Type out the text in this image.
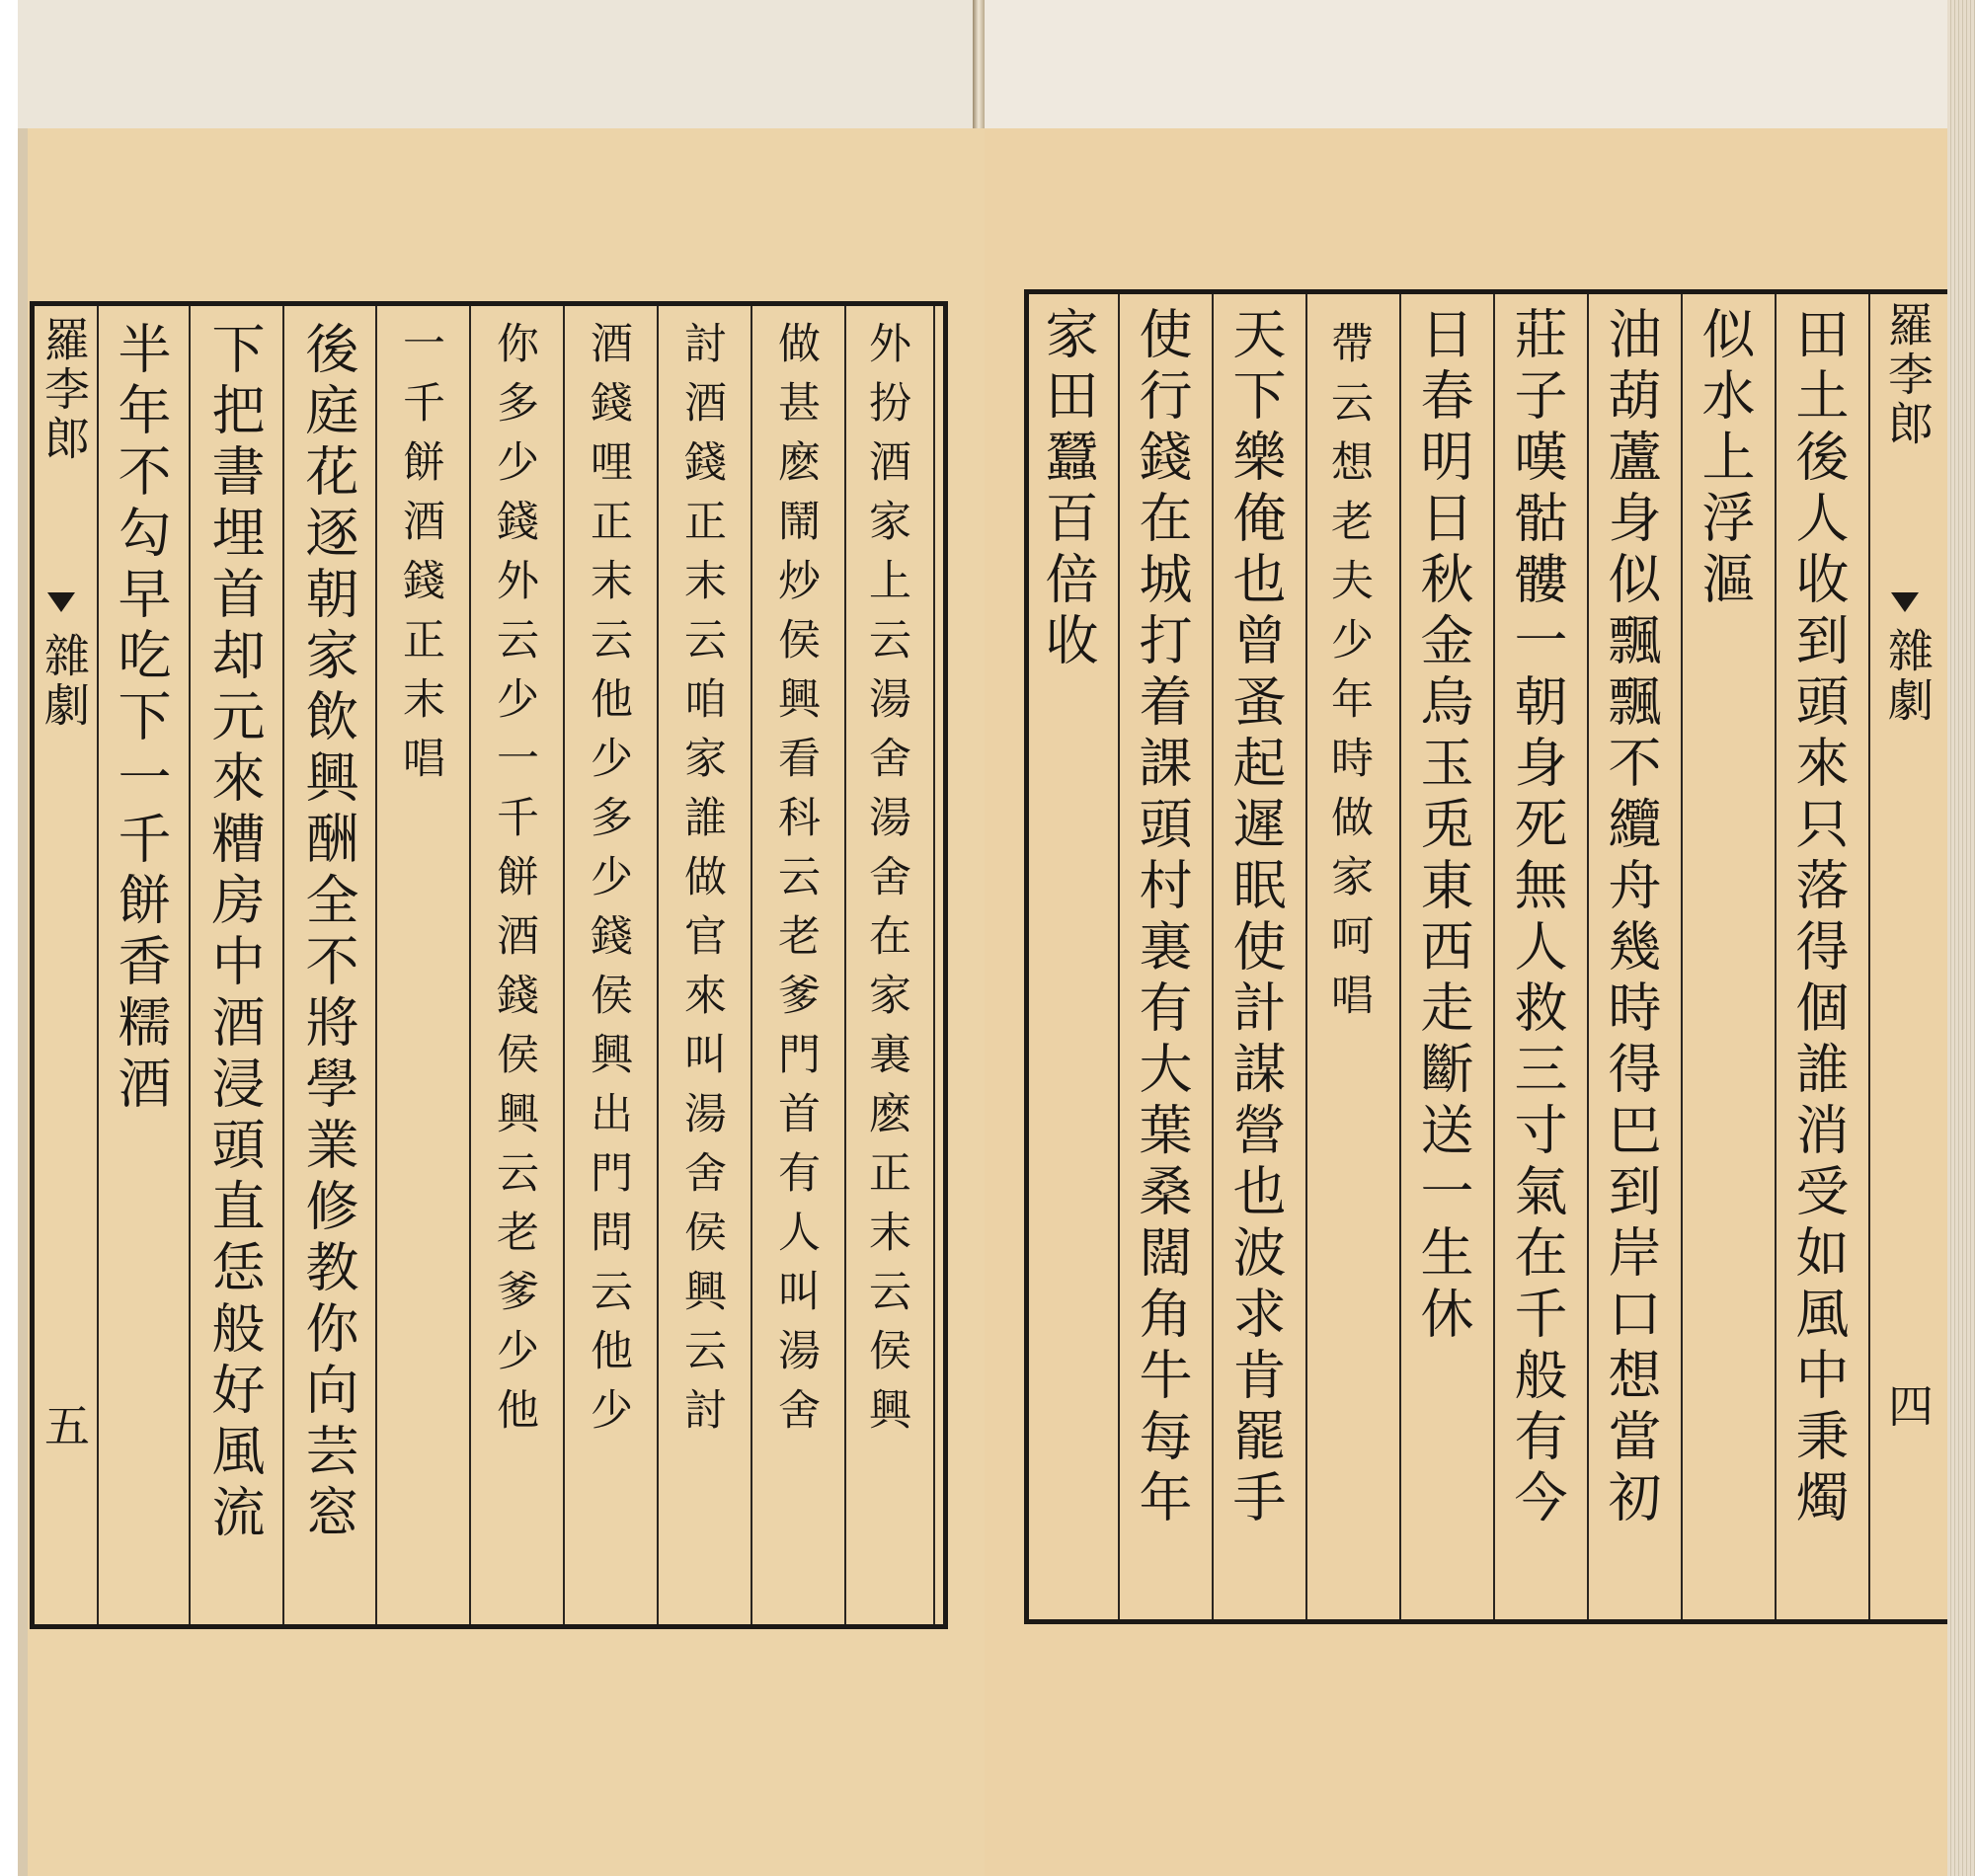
羅李郎
雜劇
五
半年不勾早吃下一千餅香糯酒 下把書埋首却元來糟房中酒浸頭直恁般好風流 後庭花逐朝家飲興酬全不將學業修教你向芸窓 一千餅酒錢正末唱 你多少錢外云少一千餅酒錢侯興云老爹少他 酒錢哩正末云他少多少錢侯興出門問云他少 討酒錢正末云咱家誰做官來叫湯舍侯興云討 做甚麽鬧炒侯興看科云老爹門首有人叫湯舍 外扮酒家上云湯舍湯舍在家裏麽正末云侯興 家田蠶百倍收 使行錢在城打着課頭村裏有大葉桑闊角牛每年 天下樂俺也曾蚤起遲眠使計謀營也波求肯罷手 帶云想老夫少年時做家呵唱 日春明日秋金烏玉兎東西走斷送一生休 莊子嘆骷髏一朝身死無人救三寸氣在千般有今 油葫蘆身似飄飄不纜舟幾時得巴到岸口想當初 似水上浮漚 田土後人收到頭來只落得個誰消受如風中秉燭 羅李郎
雜劇
四
